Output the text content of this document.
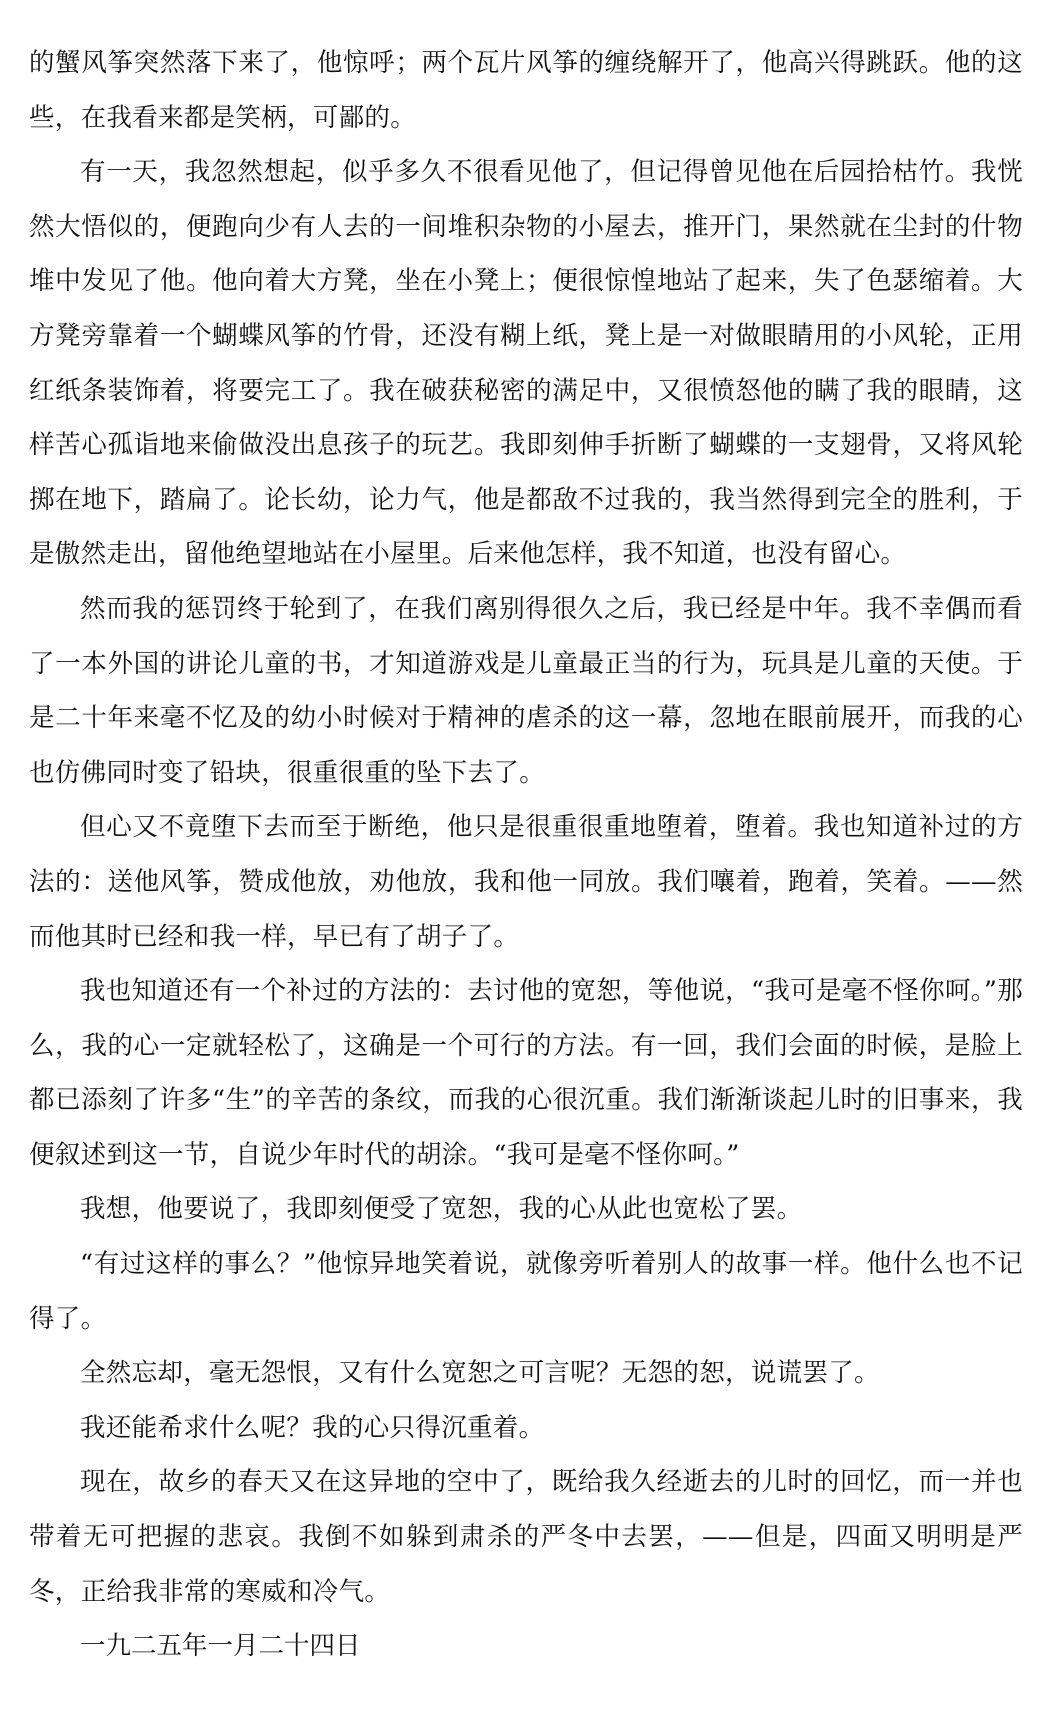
的蟹风筝突然落下来了，他惊呼；两个瓦片风筝的缠绕解开了，他高兴得跳跃。他的这些，在我看来都是笑柄，可鄙的。

有一天，我忽然想起，似乎多久不很看见他了，但记得曾见他在后园拾枯竹。我恍然大悟似的，便跑向少有人去的一间堆积杂物的小屋去，推开门，果然就在尘封的什物堆中发见了他。他向着大方凳，坐在小凳上；便很惊惶地站了起来，失了色瑟缩着。大方凳旁靠着一个蝴蝶风筝的竹骨，还没有糊上纸，凳上是一对做眼睛用的小风轮，正用红纸条装饰着，将要完工了。我在破获秘密的满足中，又很愤怒他的瞒了我的眼睛，这样苦心孤诣地来偷做没出息孩子的玩艺。我即刻伸手折断了蝴蝶的一支翅骨，又将风轮掷在地下，踏扁了。论长幼，论力气，他是都敌不过我的，我当然得到完全的胜利，于是傲然走出，留他绝望地站在小屋里。后来他怎样，我不知道，也没有留心。

然而我的惩罚终于轮到了，在我们离别得很久之后，我已经是中年。我不幸偶而看了一本外国的讲论儿童的书，才知道游戏是儿童最正当的行为，玩具是儿童的天使。于是二十年来毫不忆及的幼小时候对于精神的虐杀的这一幕，忽地在眼前展开，而我的心也仿佛同时变了铅块，很重很重的坠下去了。

但心又不竟堕下去而至于断绝，他只是很重很重地堕着，堕着。我也知道补过的方法的：送他风筝，赞成他放，劝他放，我和他一同放。我们嚷着，跑着，笑着。——然而他其时已经和我一样，早已有了胡子了。

我也知道还有一个补过的方法的：去讨他的宽恕，等他说，“我可是毫不怪你呵。”那么，我的心一定就轻松了，这确是一个可行的方法。有一回，我们会面的时候，是脸上都已添刻了许多“生”的辛苦的条纹，而我的心很沉重。我们渐渐谈起儿时的旧事来，我便叙述到这一节，自说少年时代的胡涂。“我可是毫不怪你呵。”

我想，他要说了，我即刻便受了宽恕，我的心从此也宽松了罢。

“有过这样的事么？”他惊异地笑着说，就像旁听着别人的故事一样。他什么也不记得了。

全然忘却，毫无怨恨，又有什么宽恕之可言呢？无怨的恕，说谎罢了。

我还能希求什么呢？我的心只得沉重着。

现在，故乡的春天又在这异地的空中了，既给我久经逝去的儿时的回忆，而一并也带着无可把握的悲哀。我倒不如躲到肃杀的严冬中去罢，——但是，四面又明明是严冬，正给我非常的寒威和冷气。

一九二五年一月二十四日
